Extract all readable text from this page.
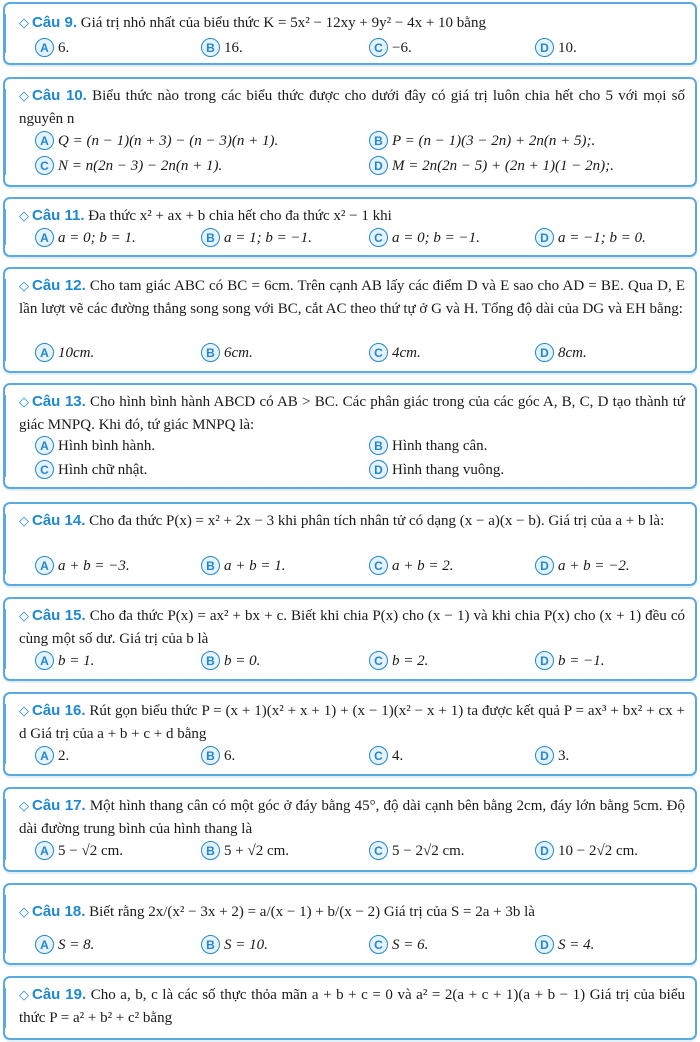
◇ Câu 9. Giá trị nhỏ nhất của biểu thức K = 5x² − 12xy + 9y² − 4x + 10 bằng
A 6.	B 16.	C −6.	D 10.
◇ Câu 10. Biểu thức nào trong các biểu thức được cho dưới đây có giá trị luôn chia hết cho 5 với mọi số nguyên n
A Q = (n − 1)(n + 3) − (n − 3)(n + 1).	B P = (n − 1)(3 − 2n) + 2n(n + 5);.
C N = n(2n − 3) − 2n(n + 1).	D M = 2n(2n − 5) + (2n + 1)(1 − 2n);.
◇ Câu 11. Đa thức x² + ax + b chia hết cho đa thức x² − 1 khi
A a = 0; b = 1.	B a = 1; b = −1.	C a = 0; b = −1.	D a = −1; b = 0.
◇ Câu 12. Cho tam giác ABC có BC = 6cm. Trên cạnh AB lấy các điểm D và E sao cho AD = BE. Qua D, E lần lượt vẽ các đường thẳng song song với BC, cắt AC theo thứ tự ở G và H. Tổng độ dài của DG và EH bằng:
A 10cm.	B 6cm.	C 4cm.	D 8cm.
◇ Câu 13. Cho hình bình hành ABCD có AB > BC. Các phân giác trong của các góc A, B, C, D tạo thành tứ giác MNPQ. Khi đó, tứ giác MNPQ là:
A Hình bình hành.	B Hình thang cân.
C Hình chữ nhật.	D Hình thang vuông.
◇ Câu 14. Cho đa thức P(x) = x² + 2x − 3 khi phân tích nhân tử có dạng (x − a)(x − b). Giá trị của a + b là:
A a + b = −3.	B a + b = 1.	C a + b = 2.	D a + b = −2.
◇ Câu 15. Cho đa thức P(x) = ax² + bx + c. Biết khi chia P(x) cho (x − 1) và khi chia P(x) cho (x + 1) đều có cùng một số dư. Giá trị của b là
A b = 1.	B b = 0.	C b = 2.	D b = −1.
◇ Câu 16. Rút gọn biểu thức P = (x + 1)(x² + x + 1) + (x − 1)(x² − x + 1) ta được kết quả P = ax³ + bx² + cx + d Giá trị của a + b + c + d bằng
A 2.	B 6.	C 4.	D 3.
◇ Câu 17. Một hình thang cân có một góc ở đáy bằng 45°, độ dài cạnh bên bằng 2cm, đáy lớn bằng 5cm. Độ dài đường trung bình của hình thang là
A 5 − √2 cm.	B 5 + √2 cm.	C 5 − 2√2 cm.	D 10 − 2√2 cm.
◇ Câu 18. Biết rằng 2x/(x² − 3x + 2) = a/(x − 1) + b/(x − 2) Giá trị của S = 2a + 3b là
A S = 8.	B S = 10.	C S = 6.	D S = 4.
◇ Câu 19. Cho a, b, c là các số thực thỏa mãn a + b + c = 0 và a² = 2(a + c + 1)(a + b − 1) Giá trị của biểu thức P = a² + b² + c² bằng
